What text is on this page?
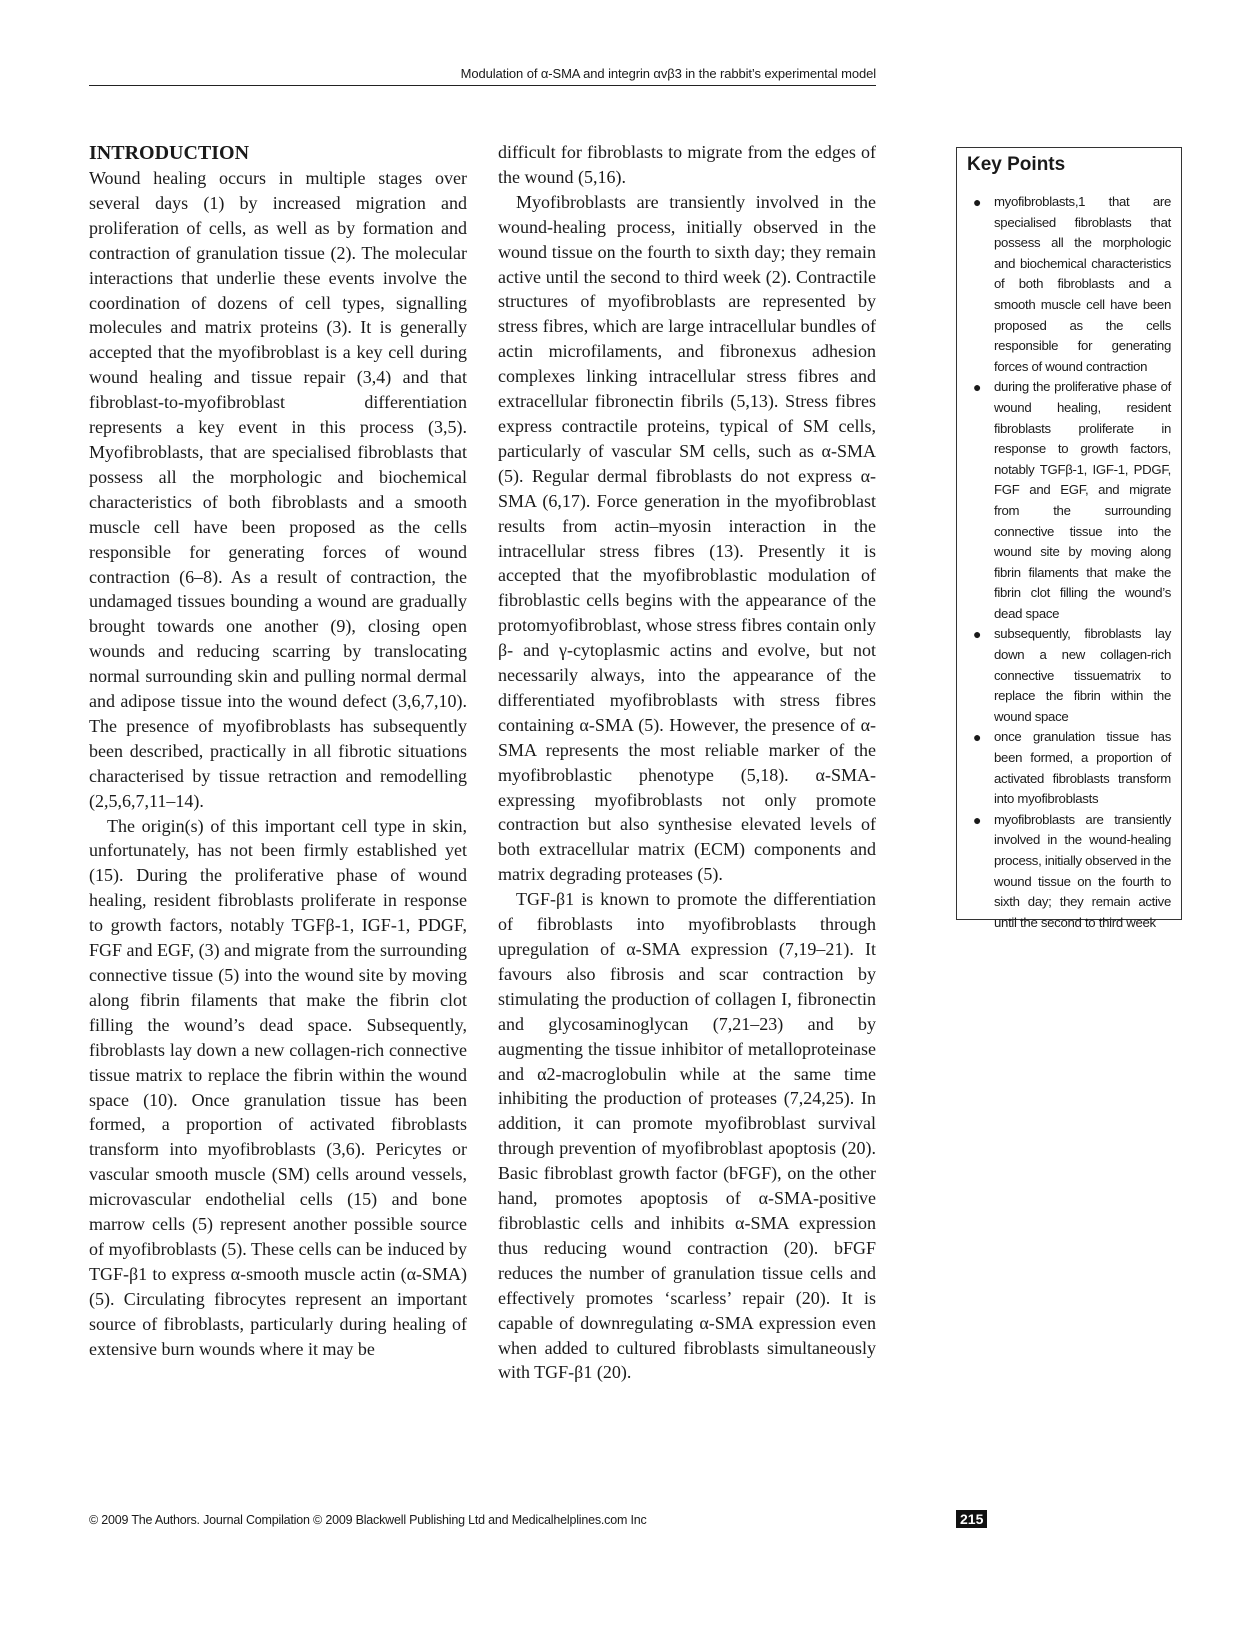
Modulation of α-SMA and integrin αvβ3 in the rabbit’s experimental model
INTRODUCTION

Wound healing occurs in multiple stages over several days (1) by increased migration and proliferation of cells, as well as by formation and contraction of granulation tissue (2). The molecular interactions that underlie these events involve the coordination of dozens of cell types, signalling molecules and matrix proteins (3). It is generally accepted that the myofibroblast is a key cell during wound healing and tissue repair (3,4) and that fibroblast-to-myofibroblast differentiation represents a key event in this process (3,5). Myofibroblasts, that are specialised fibroblasts that possess all the morphologic and biochemical characteristics of both fibroblasts and a smooth muscle cell have been proposed as the cells responsible for generating forces of wound contraction (6–8). As a result of contraction, the undamaged tissues bounding a wound are gradually brought towards one another (9), closing open wounds and reducing scarring by translocating normal surrounding skin and pulling normal dermal and adipose tissue into the wound defect (3,6,7,10). The presence of myofibroblasts has subsequently been described, practically in all fibrotic situations characterised by tissue retraction and remodelling (2,5,6,7,11–14).

The origin(s) of this important cell type in skin, unfortunately, has not been firmly established yet (15). During the proliferative phase of wound healing, resident fibroblasts proliferate in response to growth factors, notably TGFβ-1, IGF-1, PDGF, FGF and EGF, (3) and migrate from the surrounding connective tissue (5) into the wound site by moving along fibrin filaments that make the fibrin clot filling the wound’s dead space. Subsequently, fibroblasts lay down a new collagen-rich connective tissue matrix to replace the fibrin within the wound space (10). Once granulation tissue has been formed, a proportion of activated fibroblasts transform into myofibroblasts (3,6). Pericytes or vascular smooth muscle (SM) cells around vessels, microvascular endothelial cells (15) and bone marrow cells (5) represent another possible source of myofibroblasts (5). These cells can be induced by TGF-β1 to express α-smooth muscle actin (α-SMA) (5). Circulating fibrocytes represent an important source of fibroblasts, particularly during healing of extensive burn wounds where it may be

difficult for fibroblasts to migrate from the edges of the wound (5,16).

Myofibroblasts are transiently involved in the wound-healing process, initially observed in the wound tissue on the fourth to sixth day; they remain active until the second to third week (2). Contractile structures of myofibroblasts are represented by stress fibres, which are large intracellular bundles of actin microfilaments, and fibronexus adhesion complexes linking intracellular stress fibres and extracellular fibronectin fibrils (5,13). Stress fibres express contractile proteins, typical of SM cells, particularly of vascular SM cells, such as α-SMA (5). Regular dermal fibroblasts do not express α-SMA (6,17). Force generation in the myofibroblast results from actin–myosin interaction in the intracellular stress fibres (13). Presently it is accepted that the myofibroblastic modulation of fibroblastic cells begins with the appearance of the protomyofibroblast, whose stress fibres contain only β- and γ-cytoplasmic actins and evolve, but not necessarily always, into the appearance of the differentiated myofibroblasts with stress fibres containing α-SMA (5). However, the presence of α-SMA represents the most reliable marker of the myofibroblastic phenotype (5,18). α-SMA-expressing myofibroblasts not only promote contraction but also synthesise elevated levels of both extracellular matrix (ECM) components and matrix degrading proteases (5).

TGF-β1 is known to promote the differentiation of fibroblasts into myofibroblasts through upregulation of α-SMA expression (7,19–21). It favours also fibrosis and scar contraction by stimulating the production of collagen I, fibronectin and glycosaminoglycan (7,21–23) and by augmenting the tissue inhibitor of metalloproteinase and α2-macroglobulin while at the same time inhibiting the production of proteases (7,24,25). In addition, it can promote myofibroblast survival through prevention of myofibroblast apoptosis (20). Basic fibroblast growth factor (bFGF), on the other hand, promotes apoptosis of α-SMA-positive fibroblastic cells and inhibits α-SMA expression thus reducing wound contraction (20). bFGF reduces the number of granulation tissue cells and effectively promotes ‘scarless’ repair (20). It is capable of downregulating α-SMA expression even when added to cultured fibroblasts simultaneously with TGF-β1 (20).

Key Points
● myofibroblasts,1 that are specialised fibroblasts that possess all the morphologic and biochemical characteristics of both fibroblasts and a smooth muscle cell have been proposed as the cells responsible for generating forces of wound contraction
● during the proliferative phase of wound healing, resident fibroblasts proliferate in response to growth factors, notably TGFβ-1, IGF-1, PDGF, FGF and EGF, and migrate from the surrounding connective tissue into the wound site by moving along fibrin filaments that make the fibrin clot filling the wound’s dead space
● subsequently, fibroblasts lay down a new collagen-rich connective tissuematrix to replace the fibrin within the wound space
● once granulation tissue has been formed, a proportion of activated fibroblasts transform into myofibroblasts
● myofibroblasts are transiently involved in the wound-healing process, initially observed in the wound tissue on the fourth to sixth day; they remain active until the second to third week
© 2009 The Authors. Journal Compilation © 2009 Blackwell Publishing Ltd and Medicalhelplines.com Inc	215
